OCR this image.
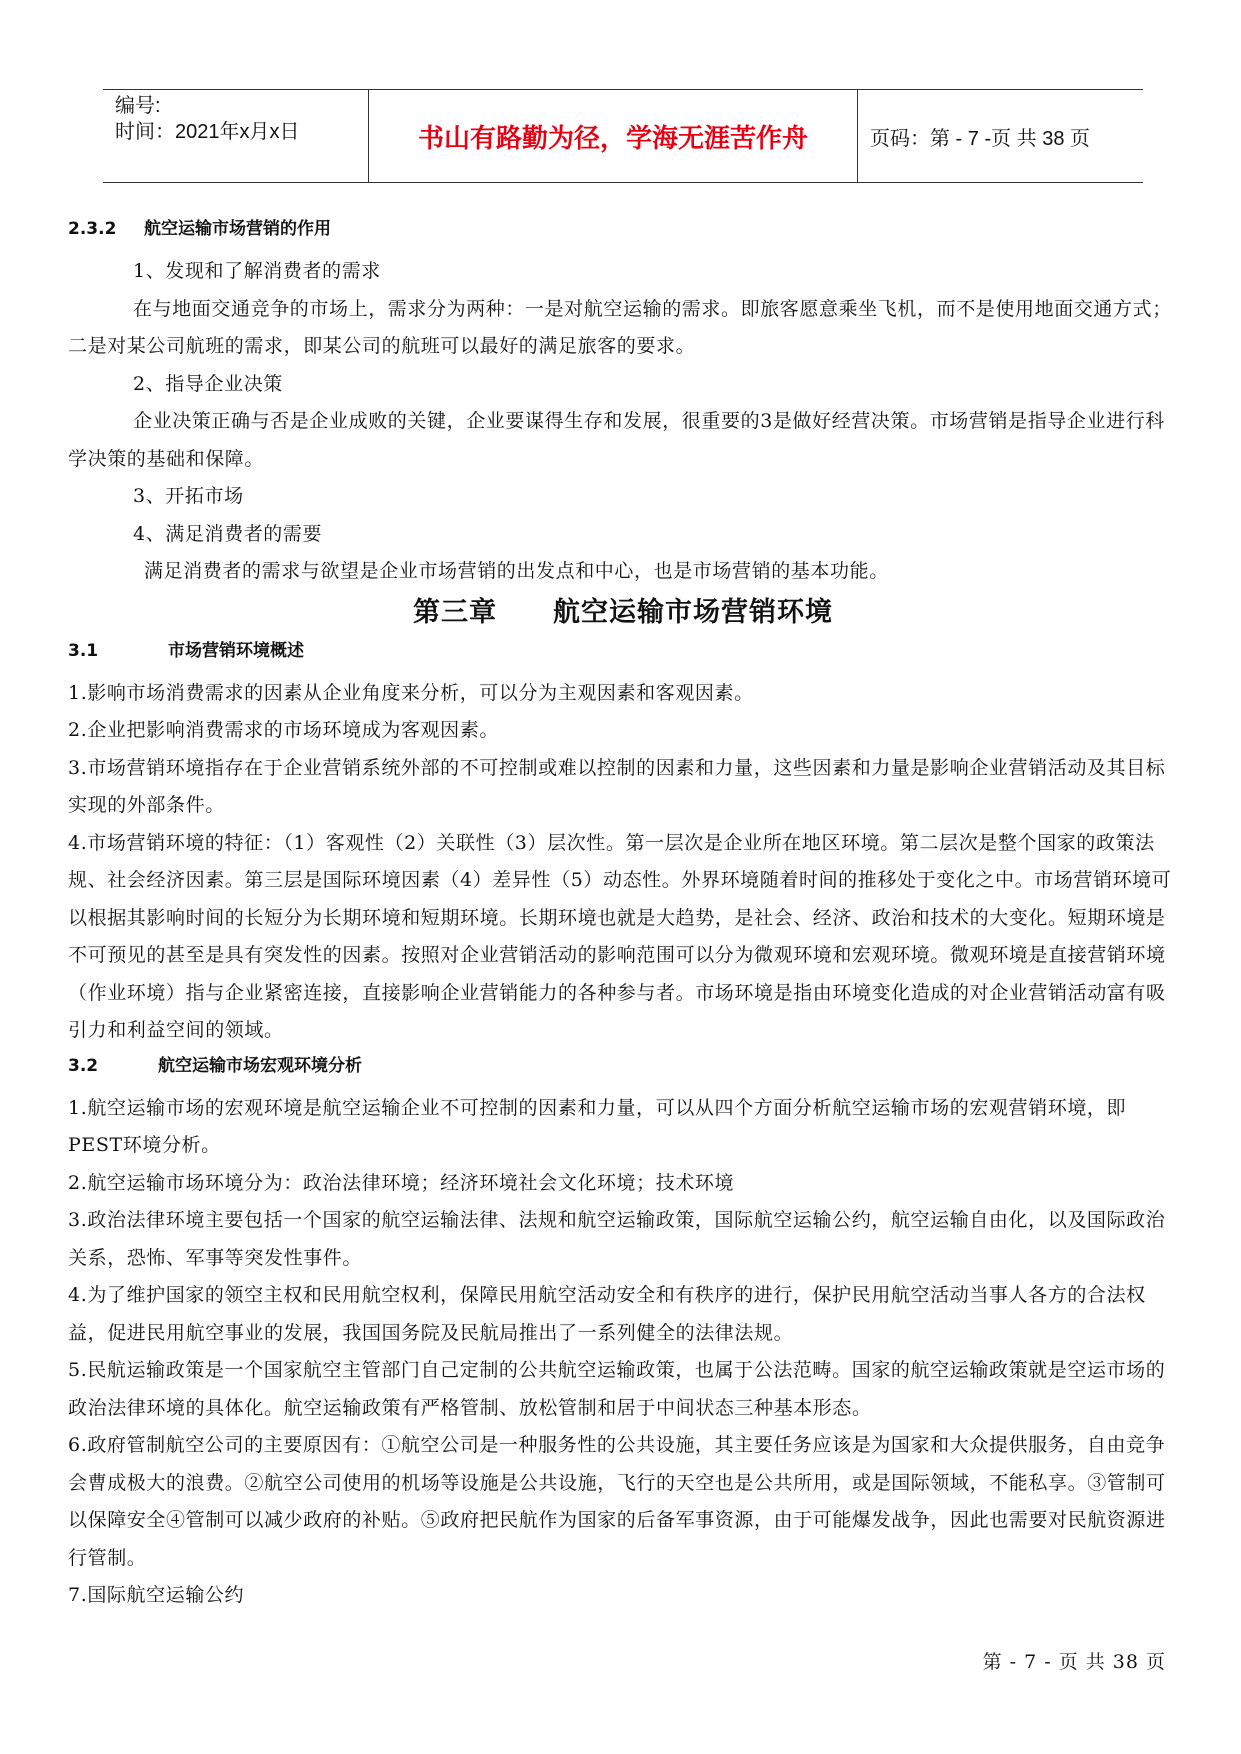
编号:
时间：2021年x月x日	书山有路勤为径，学海无涯苦作舟	页码：第 - 7 -页 共 38 页
2.3.2 航空运输市场营销的作用

1、发现和了解消费者的需求

在与地面交通竞争的市场上，需求分为两种：一是对航空运输的需求。即旅客愿意乘坐飞机，而不是使用地面交通方式；二是对某公司航班的需求，即某公司的航班可以最好的满足旅客的要求。

2、指导企业决策

企业决策正确与否是企业成败的关键，企业要谋得生存和发展，很重要的3是做好经营决策。市场营销是指导企业进行科学决策的基础和保障。

3、开拓市场

4、满足消费者的需要

满足消费者的需求与欲望是企业市场营销的出发点和中心，也是市场营销的基本功能。

第三章 航空运输市场营销环境
3.1	市场营销环境概述

1.影响市场消费需求的因素从企业角度来分析，可以分为主观因素和客观因素。

2.企业把影响消费需求的市场环境成为客观因素。

3.市场营销环境指存在于企业营销系统外部的不可控制或难以控制的因素和力量，这些因素和力量是影响企业营销活动及其目标实现的外部条件。

4.市场营销环境的特征：（1）客观性（2）关联性（3）层次性。第一层次是企业所在地区环境。第二层次是整个国家的政策法规、社会经济因素。第三层是国际环境因素（4）差异性（5）动态性。外界环境随着时间的推移处于变化之中。市场营销环境可以根据其影响时间的长短分为长期环境和短期环境。长期环境也就是大趋势，是社会、经济、政治和技术的大变化。短期环境是不可预见的甚至是具有突发性的因素。按照对企业营销活动的影响范围可以分为微观环境和宏观环境。微观环境是直接营销环境（作业环境）指与企业紧密连接，直接影响企业营销能力的各种参与者。市场环境是指由环境变化造成的对企业营销活动富有吸引力和利益空间的领域。

3.2	航空运输市场宏观环境分析

1.航空运输市场的宏观环境是航空运输企业不可控制的因素和力量，可以从四个方面分析航空运输市场的宏观营销环境，即PEST环境分析。

2.航空运输市场环境分为：政治法律环境；经济环境社会文化环境；技术环境

3.政治法律环境主要包括一个国家的航空运输法律、法规和航空运输政策，国际航空运输公约，航空运输自由化，以及国际政治关系，恐怖、军事等突发性事件。

4.为了维护国家的领空主权和民用航空权利，保障民用航空活动安全和有秩序的进行，保护民用航空活动当事人各方的合法权益，促进民用航空事业的发展，我国国务院及民航局推出了一系列健全的法律法规。

5.民航运输政策是一个国家航空主管部门自己定制的公共航空运输政策，也属于公法范畴。国家的航空运输政策就是空运市场的政治法律环境的具体化。航空运输政策有严格管制、放松管制和居于中间状态三种基本形态。

6.政府管制航空公司的主要原因有：①航空公司是一种服务性的公共设施，其主要任务应该是为国家和大众提供服务，自由竞争会曹成极大的浪费。②航空公司使用的机场等设施是公共设施，飞行的天空也是公共所用，或是国际领域，不能私享。③管制可以保障安全④管制可以减少政府的补贴。⑤政府把民航作为国家的后备军事资源，由于可能爆发战争，因此也需要对民航资源进行管制。

7.国际航空运输公约

第 - 7 - 页 共 38 页
